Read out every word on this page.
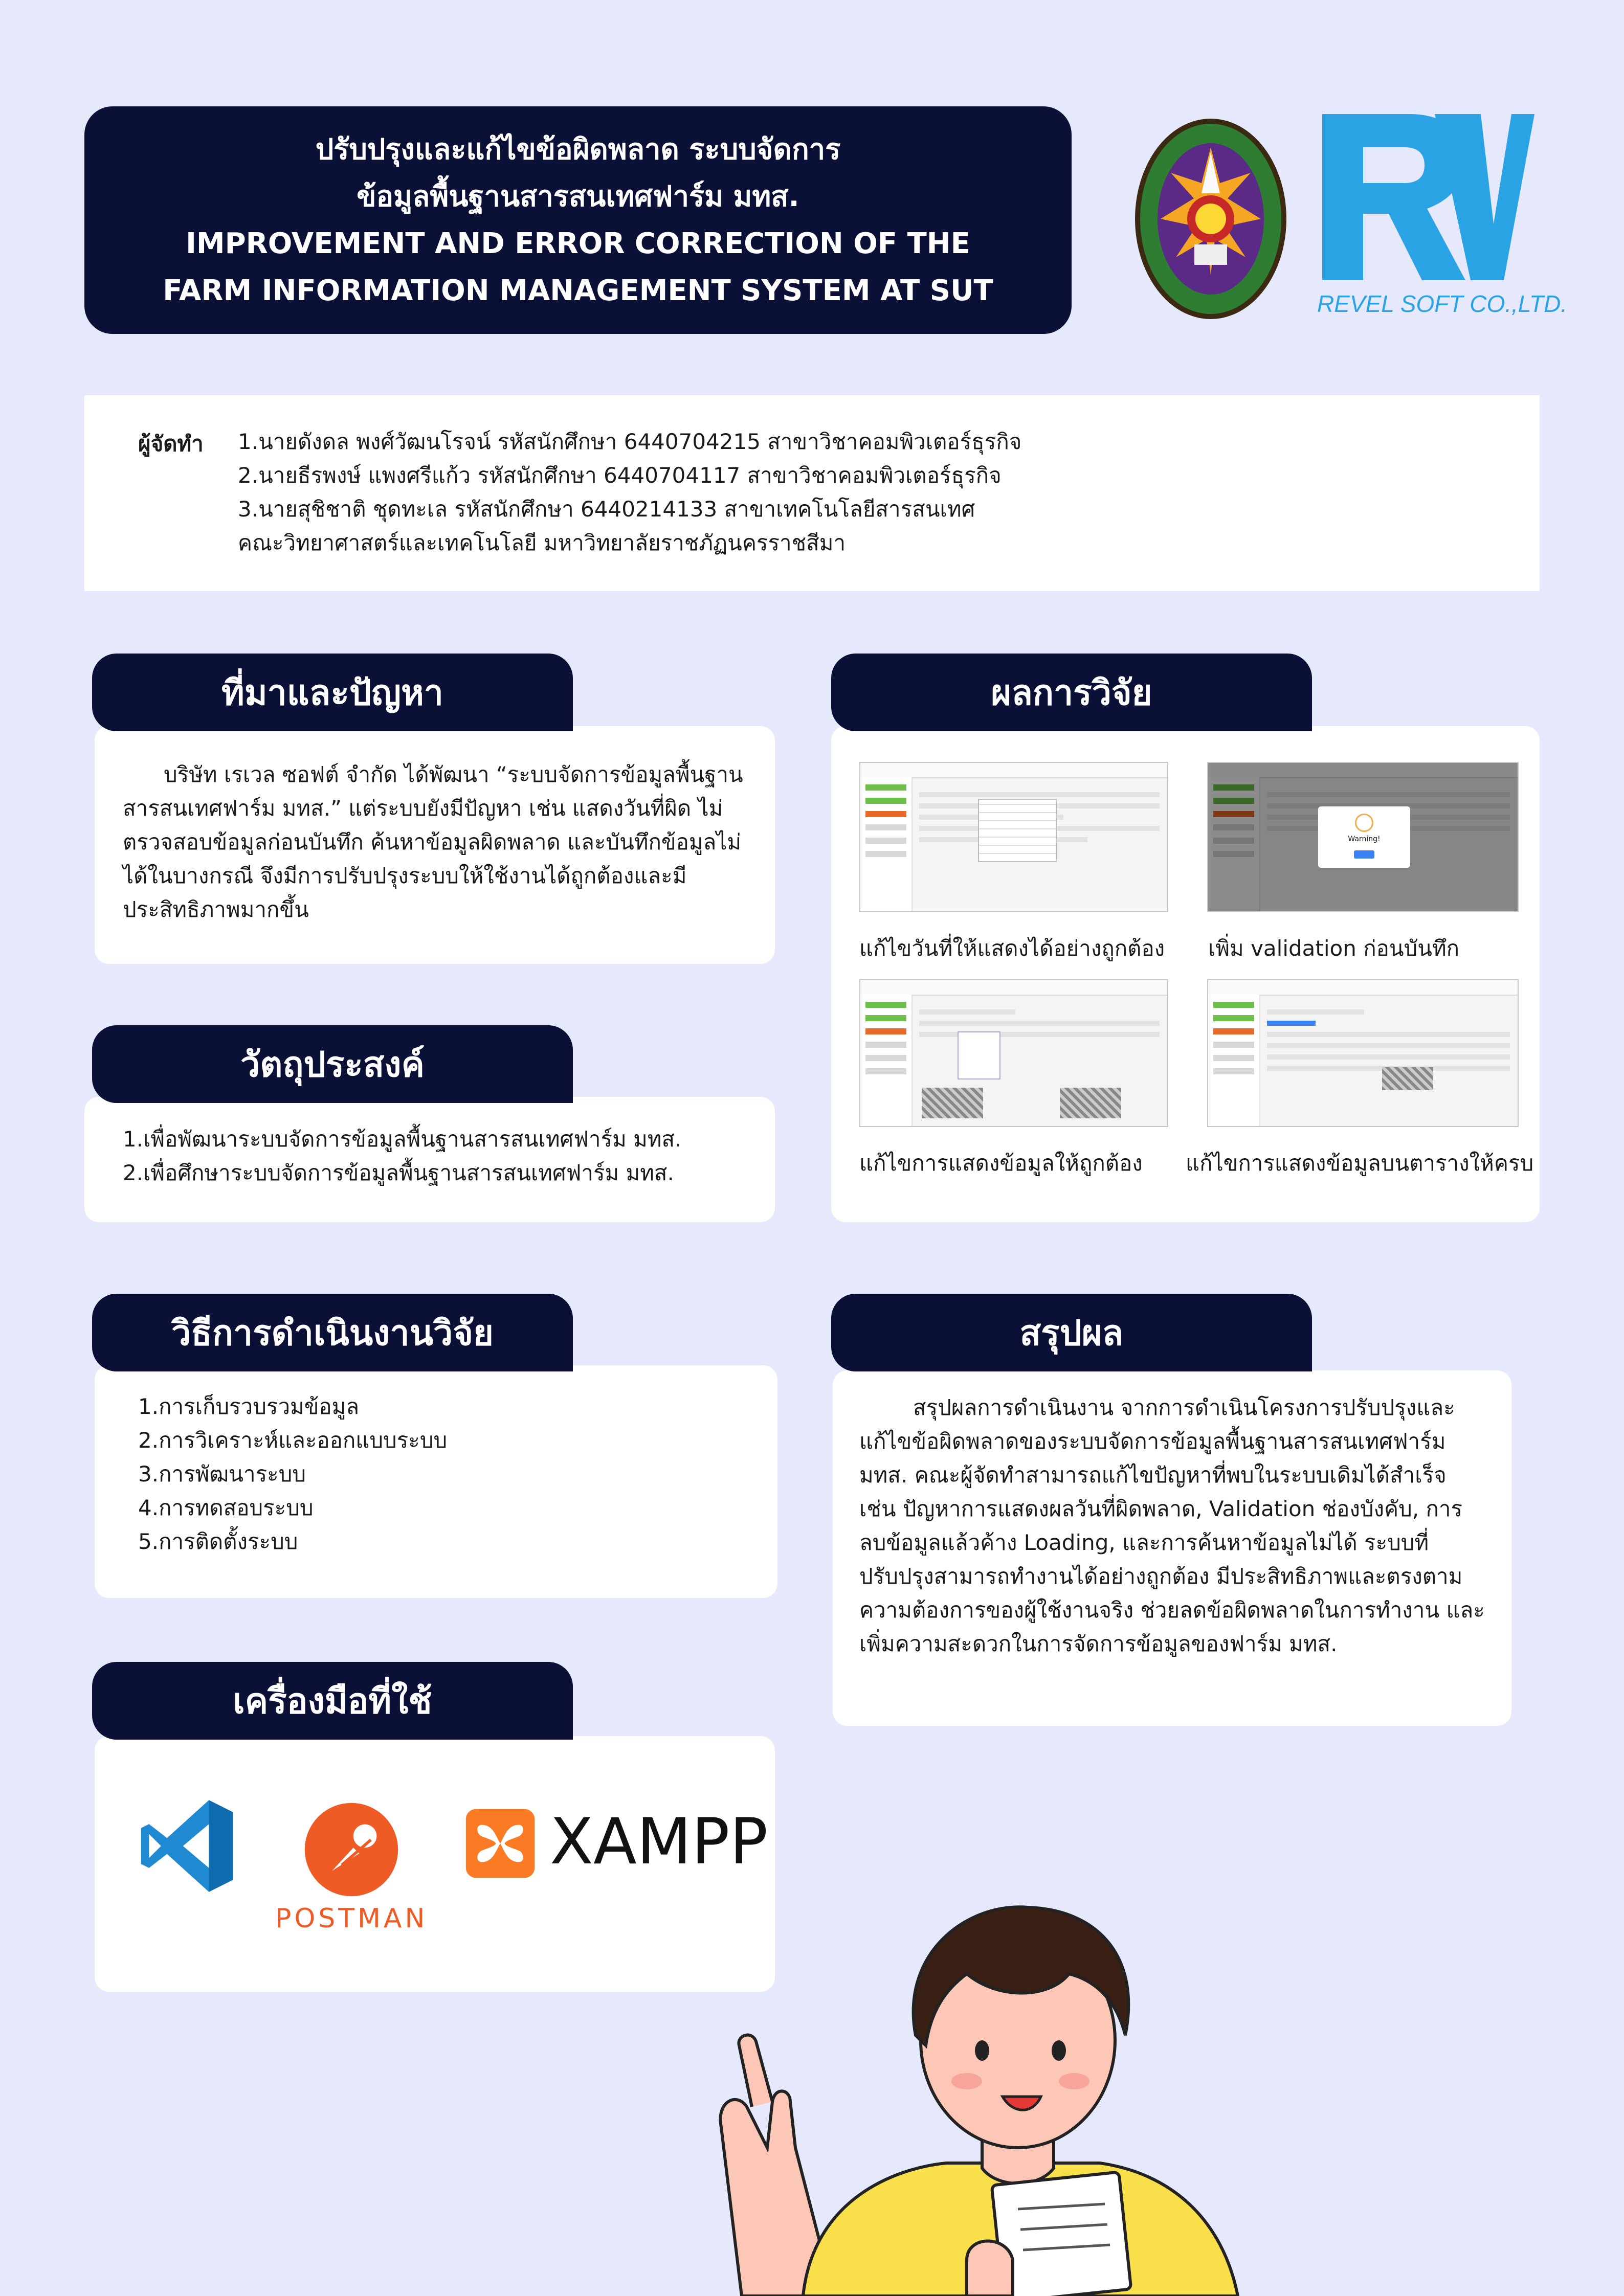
ปรับปรุงและแก้ไขข้อผิดพลาด ระบบจัดการ
ข้อมูลพื้นฐานสารสนเทศฟาร์ม มทส.
IMPROVEMENT AND ERROR CORRECTION OF THE
FARM INFORMATION MANAGEMENT SYSTEM AT SUT	REVEL SOFT CO.,LTD.
ผู้จัดทำ 1.นายดังดล พงศ์วัฒนโรจน์ รหัสนักศึกษา 6440704215 สาขาวิชาคอมพิวเตอร์ธุรกิจ
2.นายธีรพงษ์ แพงศรีแก้ว รหัสนักศึกษา 6440704117 สาขาวิชาคอมพิวเตอร์ธุรกิจ
3.นายสุชิชาติ ชุดทะเล รหัสนักศึกษา 6440214133 สาขาเทคโนโลยีสารสนเทศ
คณะวิทยาศาสตร์และเทคโนโลยี มหาวิทยาลัยราชภัฏนครราชสีมา
บริษัท เรเวล ซอฟต์ จำกัด ได้พัฒนา “ระบบจัดการข้อมูลพื้นฐานสารสนเทศฟาร์ม มทส.” แต่ระบบยังมีปัญหา เช่น แสดงวันที่ผิด ไม่ตรวจสอบข้อมูลก่อนบันทึก ค้นหาข้อมูลผิดพลาด และบันทึกข้อมูลไม่ได้ในบางกรณี จึงมีการปรับปรุงระบบให้ใช้งานได้ถูกต้องและมีประสิทธิภาพมากขึ้น
ที่มาและปัญหา
1.เพื่อพัฒนาระบบจัดการข้อมูลพื้นฐานสารสนเทศฟาร์ม มทส.
2.เพื่อศึกษาระบบจัดการข้อมูลพื้นฐานสารสนเทศฟาร์ม มทส.
วัตถุประสงค์
1.การเก็บรวบรวมข้อมูล
2.การวิเคราะห์และออกแบบระบบ
3.การพัฒนาระบบ
4.การทดสอบระบบ
5.การติดตั้งระบบ
วิธีการดำเนินงานวิจัย
เครื่องมือที่ใช้
POSTMAN
XAMPP
ผลการวิจัย
แก้ไขวันที่ให้แสดงได้อย่างถูกต้อง
Warning!
เพิ่ม validation ก่อนบันทึก
แก้ไขการแสดงข้อมูลให้ถูกต้อง แก้ไขการแสดงข้อมูลบนตารางให้ครบ
สรุปผลการดำเนินงาน จากการดำเนินโครงการปรับปรุงและแก้ไขข้อผิดพลาดของระบบจัดการข้อมูลพื้นฐานสารสนเทศฟาร์ม มทส. คณะผู้จัดทำสามารถแก้ไขปัญหาที่พบในระบบเดิมได้สำเร็จ เช่น ปัญหาการแสดงผลวันที่ผิดพลาด, Validation ช่องบังคับ, การลบข้อมูลแล้วค้าง Loading, และการค้นหาข้อมูลไม่ได้ ระบบที่ปรับปรุงสามารถทำงานได้อย่างถูกต้อง มีประสิทธิภาพและตรงตามความต้องการของผู้ใช้งานจริง ช่วยลดข้อผิดพลาดในการทำงาน และเพิ่มความสะดวกในการจัดการข้อมูลของฟาร์ม มทส.
สรุปผล
